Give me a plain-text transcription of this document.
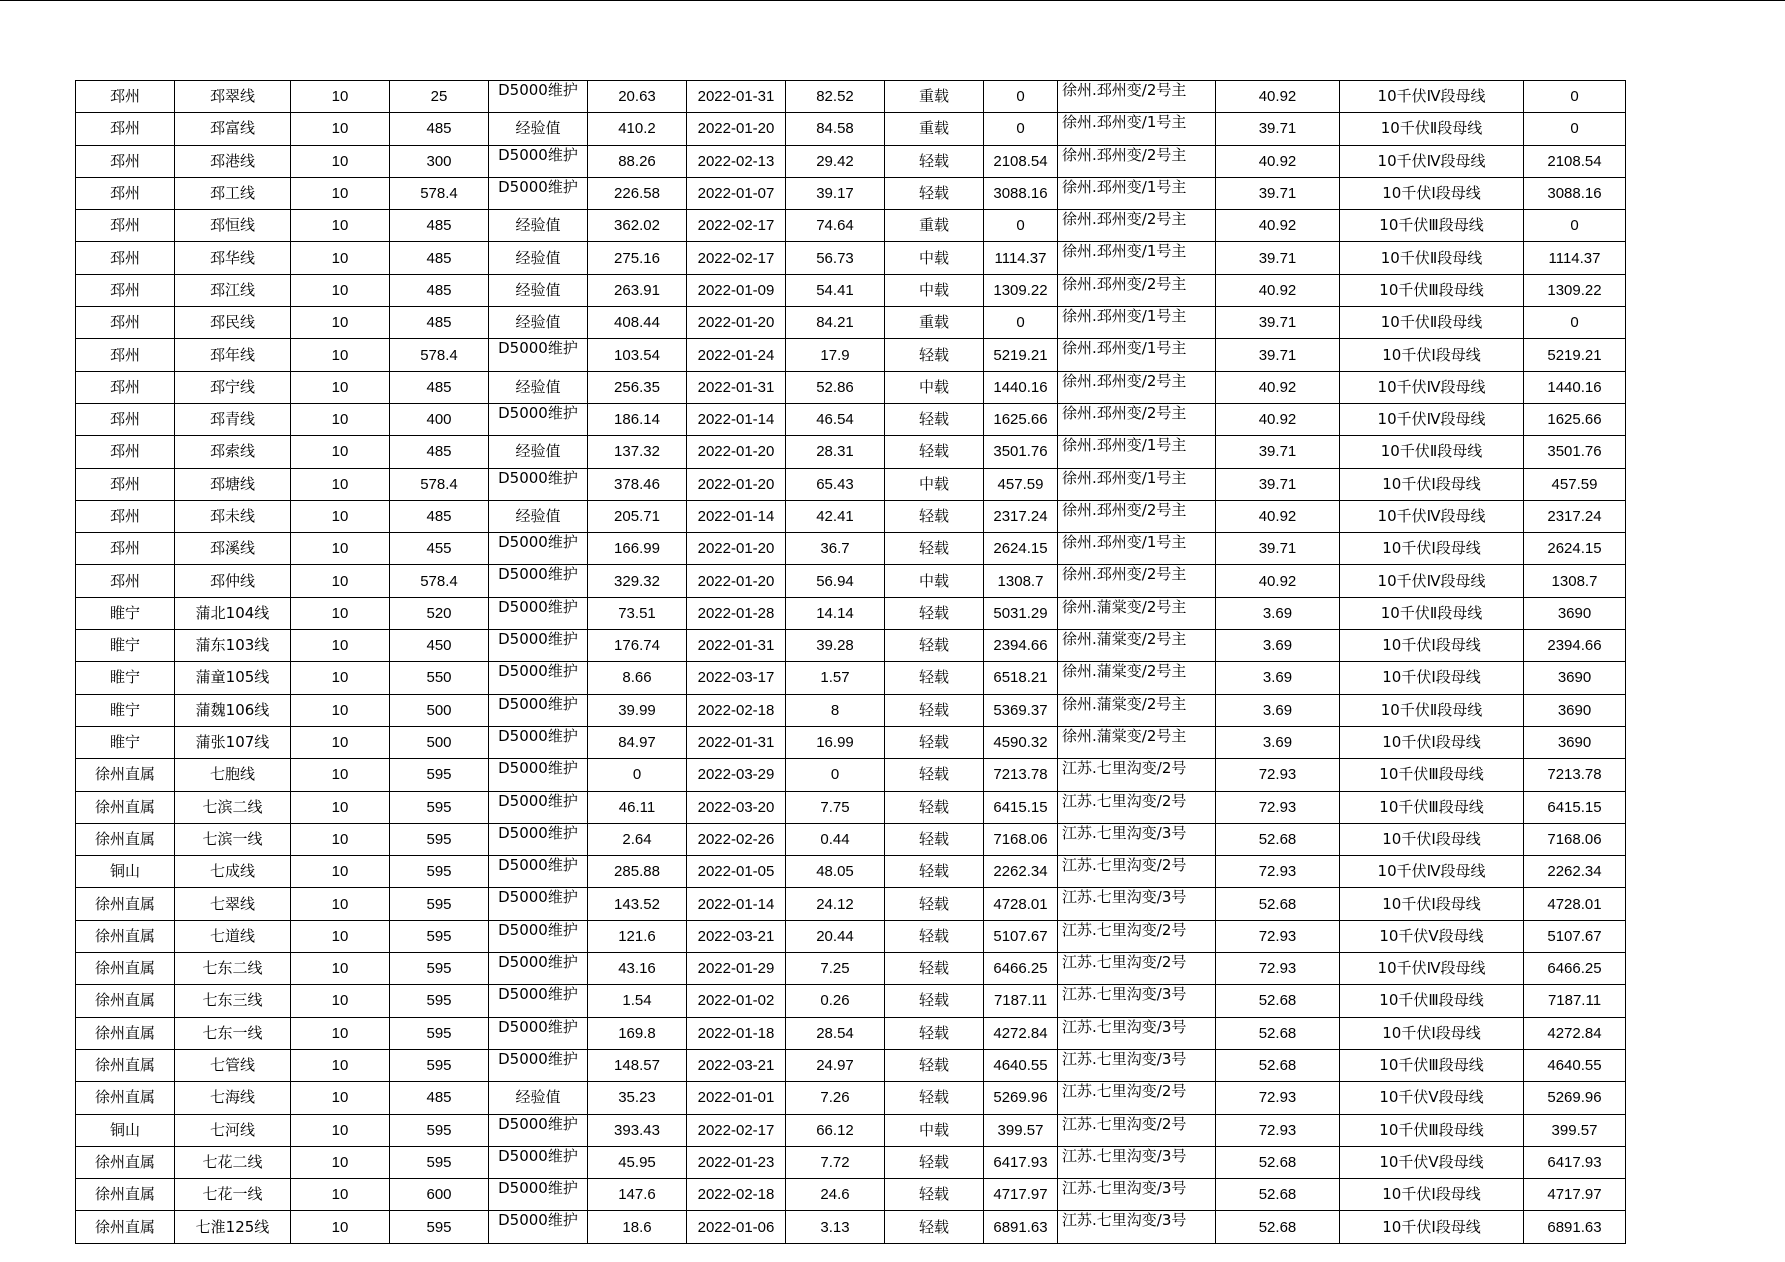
邳州	邳翠线	10	25	D5000维护	20.63	2022-01-31	82.52	重载	0	徐州.邳州变/2号主	40.92	10千伏Ⅳ段母线	0
邳州	邳富线	10	485	经验值	410.2	2022-01-20	84.58	重载	0	徐州.邳州变/1号主	39.71	10千伏Ⅱ段母线	0
邳州	邳港线	10	300	D5000维护	88.26	2022-02-13	29.42	轻载	2108.54	徐州.邳州变/2号主	40.92	10千伏Ⅳ段母线	2108.54
邳州	邳工线	10	578.4	D5000维护	226.58	2022-01-07	39.17	轻载	3088.16	徐州.邳州变/1号主	39.71	10千伏Ⅰ段母线	3088.16
邳州	邳恒线	10	485	经验值	362.02	2022-02-17	74.64	重载	0	徐州.邳州变/2号主	40.92	10千伏Ⅲ段母线	0
邳州	邳华线	10	485	经验值	275.16	2022-02-17	56.73	中载	1114.37	徐州.邳州变/1号主	39.71	10千伏Ⅱ段母线	1114.37
邳州	邳江线	10	485	经验值	263.91	2022-01-09	54.41	中载	1309.22	徐州.邳州变/2号主	40.92	10千伏Ⅲ段母线	1309.22
邳州	邳民线	10	485	经验值	408.44	2022-01-20	84.21	重载	0	徐州.邳州变/1号主	39.71	10千伏Ⅱ段母线	0
邳州	邳年线	10	578.4	D5000维护	103.54	2022-01-24	17.9	轻载	5219.21	徐州.邳州变/1号主	39.71	10千伏Ⅰ段母线	5219.21
邳州	邳宁线	10	485	经验值	256.35	2022-01-31	52.86	中载	1440.16	徐州.邳州变/2号主	40.92	10千伏Ⅳ段母线	1440.16
邳州	邳青线	10	400	D5000维护	186.14	2022-01-14	46.54	轻载	1625.66	徐州.邳州变/2号主	40.92	10千伏Ⅳ段母线	1625.66
邳州	邳索线	10	485	经验值	137.32	2022-01-20	28.31	轻载	3501.76	徐州.邳州变/1号主	39.71	10千伏Ⅱ段母线	3501.76
邳州	邳塘线	10	578.4	D5000维护	378.46	2022-01-20	65.43	中载	457.59	徐州.邳州变/1号主	39.71	10千伏Ⅰ段母线	457.59
邳州	邳未线	10	485	经验值	205.71	2022-01-14	42.41	轻载	2317.24	徐州.邳州变/2号主	40.92	10千伏Ⅳ段母线	2317.24
邳州	邳溪线	10	455	D5000维护	166.99	2022-01-20	36.7	轻载	2624.15	徐州.邳州变/1号主	39.71	10千伏Ⅰ段母线	2624.15
邳州	邳仲线	10	578.4	D5000维护	329.32	2022-01-20	56.94	中载	1308.7	徐州.邳州变/2号主	40.92	10千伏Ⅳ段母线	1308.7
睢宁	蒲北104线	10	520	D5000维护	73.51	2022-01-28	14.14	轻载	5031.29	徐州.蒲棠变/2号主	3.69	10千伏Ⅱ段母线	3690
睢宁	蒲东103线	10	450	D5000维护	176.74	2022-01-31	39.28	轻载	2394.66	徐州.蒲棠变/2号主	3.69	10千伏Ⅰ段母线	2394.66
睢宁	蒲童105线	10	550	D5000维护	8.66	2022-03-17	1.57	轻载	6518.21	徐州.蒲棠变/2号主	3.69	10千伏Ⅰ段母线	3690
睢宁	蒲魏106线	10	500	D5000维护	39.99	2022-02-18	8	轻载	5369.37	徐州.蒲棠变/2号主	3.69	10千伏Ⅱ段母线	3690
睢宁	蒲张107线	10	500	D5000维护	84.97	2022-01-31	16.99	轻载	4590.32	徐州.蒲棠变/2号主	3.69	10千伏Ⅰ段母线	3690
徐州直属	七胞线	10	595	D5000维护	0	2022-03-29	0	轻载	7213.78	江苏.七里沟变/2号	72.93	10千伏Ⅲ段母线	7213.78
徐州直属	七滨二线	10	595	D5000维护	46.11	2022-03-20	7.75	轻载	6415.15	江苏.七里沟变/2号	72.93	10千伏Ⅲ段母线	6415.15
徐州直属	七滨一线	10	595	D5000维护	2.64	2022-02-26	0.44	轻载	7168.06	江苏.七里沟变/3号	52.68	10千伏Ⅰ段母线	7168.06
铜山	七成线	10	595	D5000维护	285.88	2022-01-05	48.05	轻载	2262.34	江苏.七里沟变/2号	72.93	10千伏Ⅳ段母线	2262.34
徐州直属	七翠线	10	595	D5000维护	143.52	2022-01-14	24.12	轻载	4728.01	江苏.七里沟变/3号	52.68	10千伏Ⅰ段母线	4728.01
徐州直属	七道线	10	595	D5000维护	121.6	2022-03-21	20.44	轻载	5107.67	江苏.七里沟变/2号	72.93	10千伏Ⅴ段母线	5107.67
徐州直属	七东二线	10	595	D5000维护	43.16	2022-01-29	7.25	轻载	6466.25	江苏.七里沟变/2号	72.93	10千伏Ⅳ段母线	6466.25
徐州直属	七东三线	10	595	D5000维护	1.54	2022-01-02	0.26	轻载	7187.11	江苏.七里沟变/3号	52.68	10千伏Ⅲ段母线	7187.11
徐州直属	七东一线	10	595	D5000维护	169.8	2022-01-18	28.54	轻载	4272.84	江苏.七里沟变/3号	52.68	10千伏Ⅰ段母线	4272.84
徐州直属	七管线	10	595	D5000维护	148.57	2022-03-21	24.97	轻载	4640.55	江苏.七里沟变/3号	52.68	10千伏Ⅲ段母线	4640.55
徐州直属	七海线	10	485	经验值	35.23	2022-01-01	7.26	轻载	5269.96	江苏.七里沟变/2号	72.93	10千伏Ⅴ段母线	5269.96
铜山	七河线	10	595	D5000维护	393.43	2022-02-17	66.12	中载	399.57	江苏.七里沟变/2号	72.93	10千伏Ⅲ段母线	399.57
徐州直属	七花二线	10	595	D5000维护	45.95	2022-01-23	7.72	轻载	6417.93	江苏.七里沟变/3号	52.68	10千伏Ⅴ段母线	6417.93
徐州直属	七花一线	10	600	D5000维护	147.6	2022-02-18	24.6	轻载	4717.97	江苏.七里沟变/3号	52.68	10千伏Ⅰ段母线	4717.97
徐州直属	七淮125线	10	595	D5000维护	18.6	2022-01-06	3.13	轻载	6891.63	江苏.七里沟变/3号	52.68	10千伏Ⅰ段母线	6891.63
